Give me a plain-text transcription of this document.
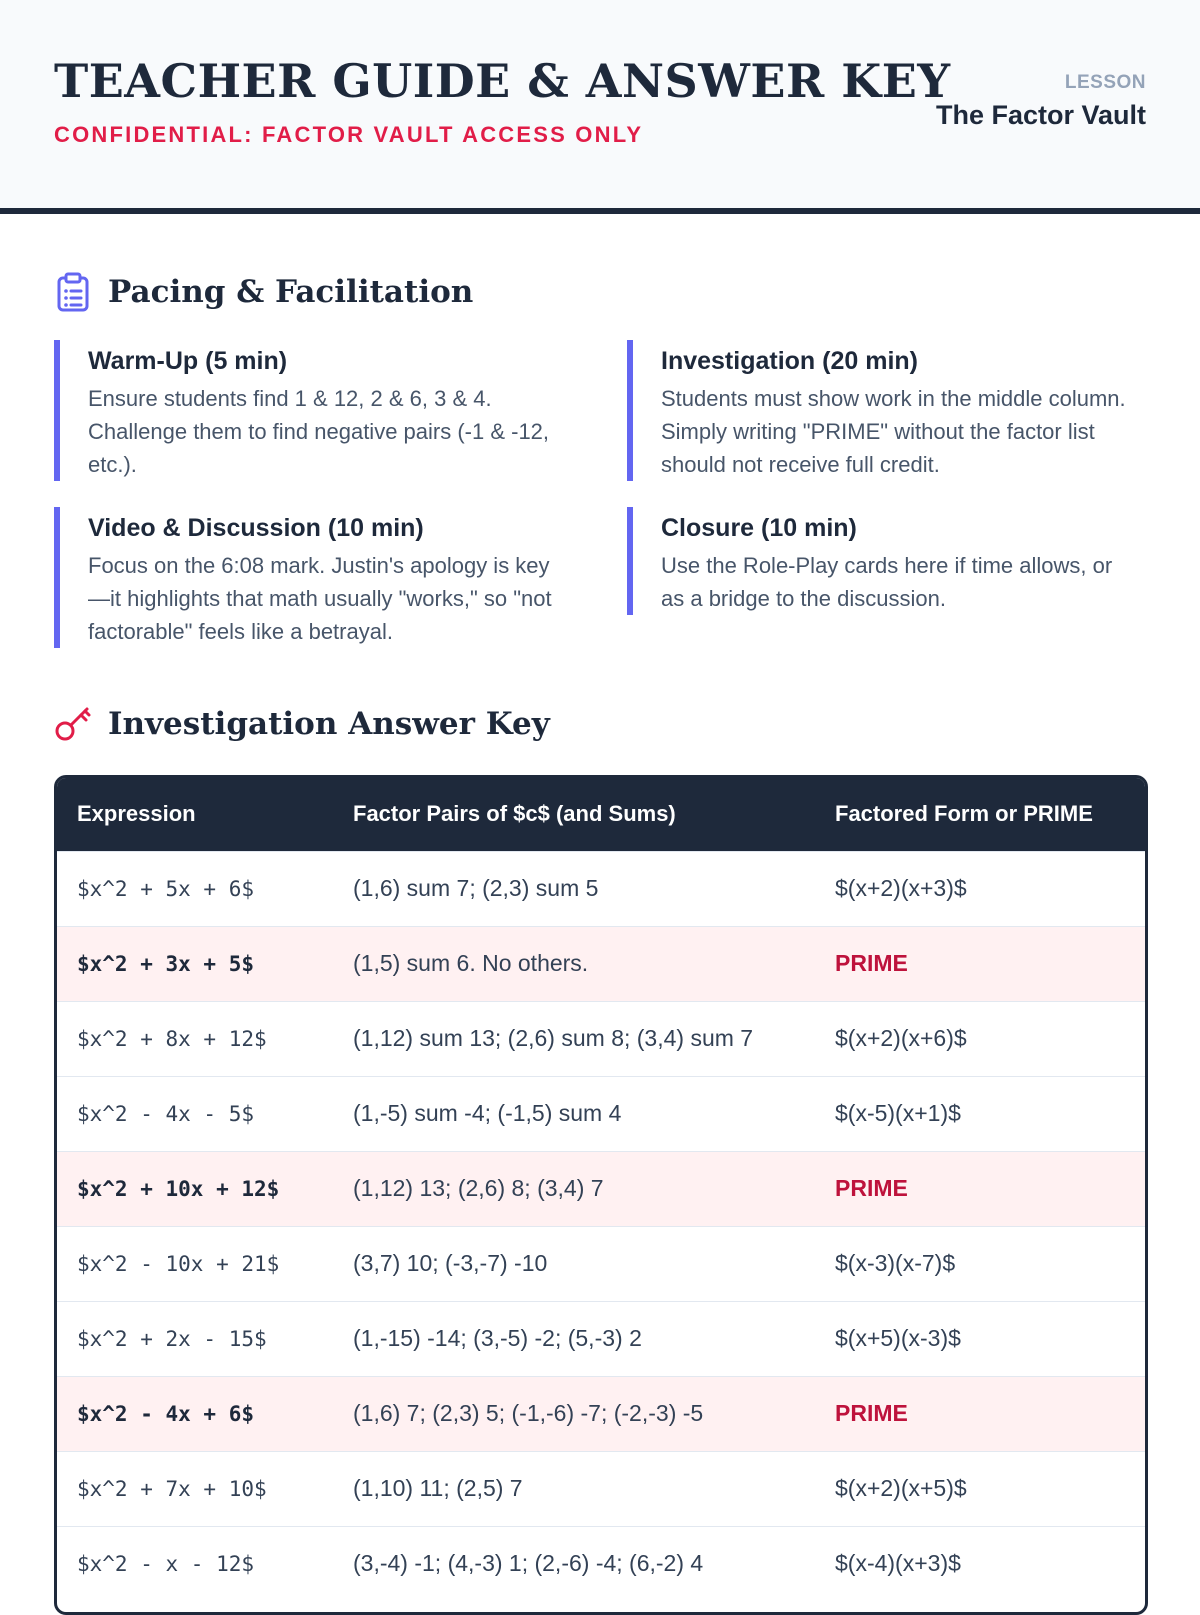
TEACHER GUIDE & ANSWER KEY
CONFIDENTIAL: FACTOR VAULT ACCESS ONLY
LESSON
The Factor Vault
Pacing & Facilitation
Warm-Up (5 min)
Ensure students find 1 & 12, 2 & 6, 3 & 4. Challenge them to find negative pairs (-1 & -12, etc.).
Investigation (20 min)
Students must show work in the middle column. Simply writing "PRIME" without the factor list should not receive full credit.
Video & Discussion (10 min)
Focus on the 6:08 mark. Justin's apology is key—it highlights that math usually "works," so "not factorable" feels like a betrayal.
Closure (10 min)
Use the Role-Play cards here if time allows, or as a bridge to the discussion.
Investigation Answer Key
Expression	Factor Pairs of $c$ (and Sums)	Factored Form or PRIME
$x^2 + 5x + 6$	(1,6) sum 7; (2,3) sum 5	$(x+2)(x+3)$
$x^2 + 3x + 5$	(1,5) sum 6. No others.	PRIME
$x^2 + 8x + 12$	(1,12) sum 13; (2,6) sum 8; (3,4) sum 7	$(x+2)(x+6)$
$x^2 - 4x - 5$	(1,-5) sum -4; (-1,5) sum 4	$(x-5)(x+1)$
$x^2 + 10x + 12$	(1,12) 13; (2,6) 8; (3,4) 7	PRIME
$x^2 - 10x + 21$	(3,7) 10; (-3,-7) -10	$(x-3)(x-7)$
$x^2 + 2x - 15$	(1,-15) -14; (3,-5) -2; (5,-3) 2	$(x+5)(x-3)$
$x^2 - 4x + 6$	(1,6) 7; (2,3) 5; (-1,-6) -7; (-2,-3) -5	PRIME
$x^2 + 7x + 10$	(1,10) 11; (2,5) 7	$(x+2)(x+5)$
$x^2 - x - 12$	(3,-4) -1; (4,-3) 1; (2,-6) -4; (6,-2) 4	$(x-4)(x+3)$
